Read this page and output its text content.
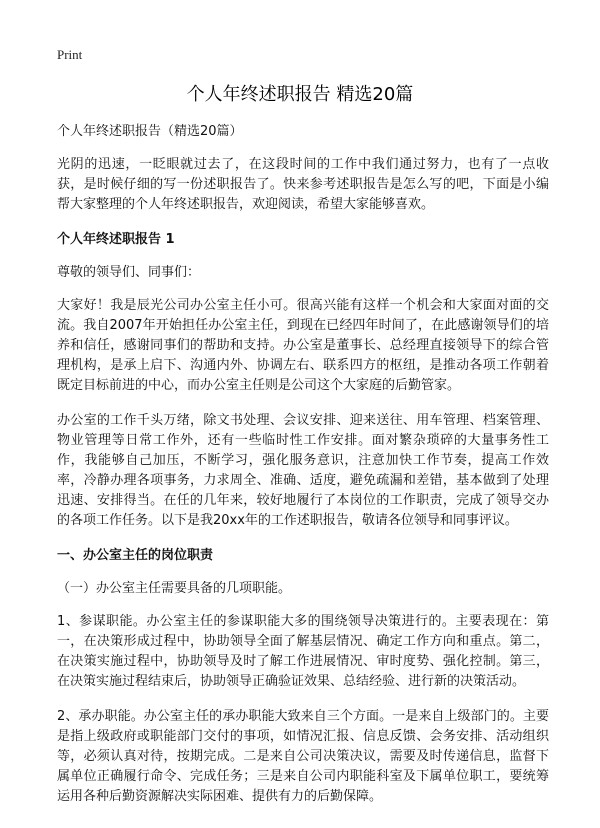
Print
个人年终述职报告 精选20篇

个人年终述职报告（精选20篇）

光阴的迅速，一眨眼就过去了，在这段时间的工作中我们通过努力，也有了一点收获，是时候仔细的写一份述职报告了。快来参考述职报告是怎么写的吧，下面是小编帮大家整理的个人年终述职报告，欢迎阅读，希望大家能够喜欢。

个人年终述职报告 1

尊敬的领导们、同事们：

大家好！我是辰光公司办公室主任小可。很高兴能有这样一个机会和大家面对面的交流。我自2007年开始担任办公室主任，到现在已经四年时间了，在此感谢领导们的培养和信任，感谢同事们的帮助和支持。办公室是董事长、总经理直接领导下的综合管理机构，是承上启下、沟通内外、协调左右、联系四方的枢纽，是推动各项工作朝着既定目标前进的中心，而办公室主任则是公司这个大家庭的后勤管家。

办公室的工作千头万绪，除文书处理、会议安排、迎来送往、用车管理、档案管理、物业管理等日常工作外，还有一些临时性工作安排。面对繁杂琐碎的大量事务性工作，我能够自己加压，不断学习，强化服务意识，注意加快工作节奏，提高工作效率，冷静办理各项事务，力求周全、准确、适度，避免疏漏和差错，基本做到了处理迅速、安排得当。在任的几年来，较好地履行了本岗位的工作职责，完成了领导交办的各项工作任务。以下是我20xx年的工作述职报告，敬请各位领导和同事评议。

一、办公室主任的岗位职责

（一）办公室主任需要具备的几项职能。

1、参谋职能。办公室主任的参谋职能大多的围绕领导决策进行的。主要表现在：第一，在决策形成过程中，协助领导全面了解基层情况、确定工作方向和重点。第二，在决策实施过程中，协助领导及时了解工作进展情况、审时度势、强化控制。第三，在决策实施过程结束后，协助领导正确验证效果、总结经验、进行新的决策活动。

2、承办职能。办公室主任的承办职能大致来自三个方面。一是来自上级部门的。主要是指上级政府或职能部门交付的事项，如情况汇报、信息反馈、会务安排、活动组织等，必须认真对待，按期完成。二是来自公司决策决议，需要及时传递信息，监督下属单位正确履行命令、完成任务；三是来自公司内职能科室及下属单位职工，要统筹运用各种后勤资源解决实际困难、提供有力的后勤保障。
